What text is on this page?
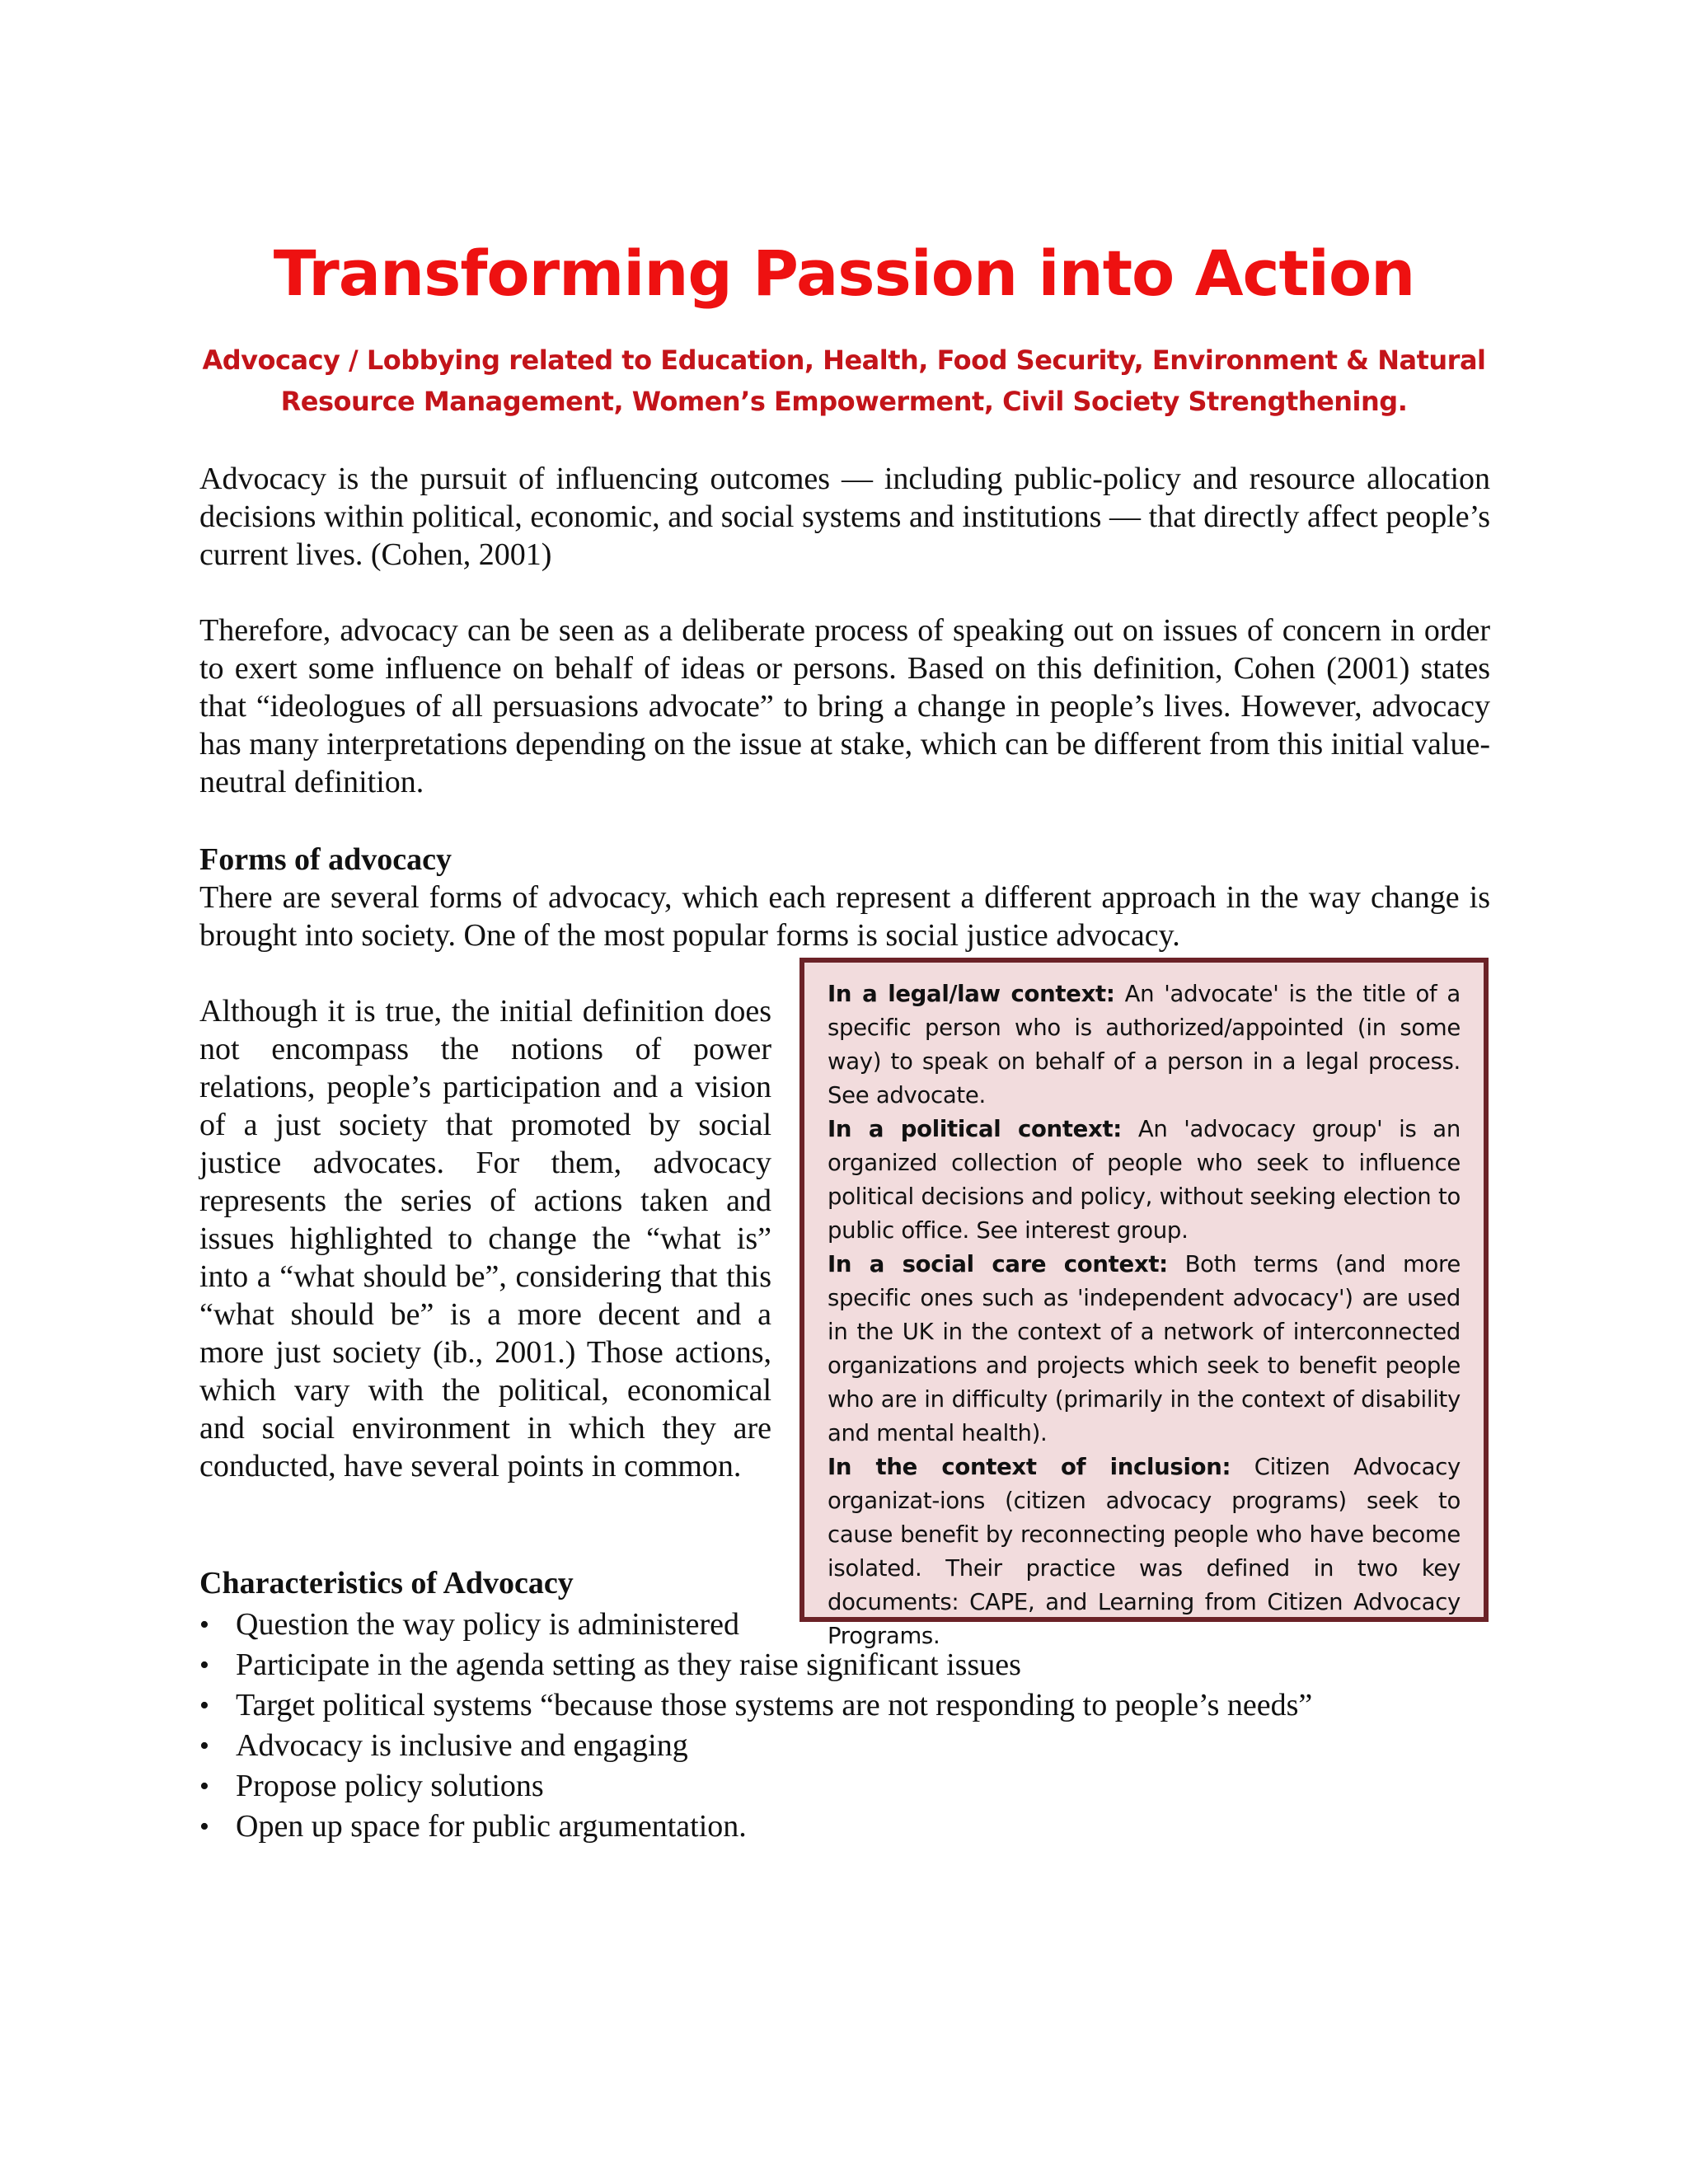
Transforming Passion into Action
Advocacy / Lobbying related to Education, Health, Food Security, Environment & Natural
Resource Management, Women’s Empowerment, Civil Society Strengthening.

Advocacy is the pursuit of influencing outcomes — including public-policy and resource allocation decisions within political, economic, and social systems and institutions — that directly affect people’s current lives. (Cohen, 2001)

Therefore, advocacy can be seen as a deliberate process of speaking out on issues of concern in order to exert some influence on behalf of ideas or persons. Based on this definition, Cohen (2001) states that “ideologues of all persuasions advocate” to bring a change in people’s lives. However, advocacy has many interpretations depending on the issue at stake, which can be different from this initial value-neutral definition.

Forms of advocacy

There are several forms of advocacy, which each represent a different approach in the way change is brought into society. One of the most popular forms is social justice advocacy.

Although it is true, the initial definition does not encompass the notions of power relations, people’s participation and a vision of a just society that promoted by social justice advocates. For them, advocacy represents the series of actions taken and issues highlighted to change the “what is” into a “what should be”, considering that this “what should be” is a more decent and a more just society (ib., 2001.) Those actions, which vary with the political, economical and social environment in which they are conducted, have several points in common.

In a legal/law context: An 'advocate' is the title of a specific person who is authorized/appointed (in some way) to speak on behalf of a person in a legal process. See advocate.

In a political context: An 'advocacy group' is an organized collection of people who seek to influence political decisions and policy, without seeking election to public office. See interest group.

In a social care context: Both terms (and more specific ones such as 'independent advocacy') are used in the UK in the context of a network of interconnected organizations and projects which seek to benefit people who are in difficulty (primarily in the context of disability and mental health).

In the context of inclusion: Citizen Advocacy organizat-ions (citizen advocacy programs) seek to cause benefit by reconnecting people who have become isolated. Their practice was defined in two key documents: CAPE, and Learning from Citizen Advocacy Programs.

Characteristics of Advocacy
• Question the way policy is administered
• Participate in the agenda setting as they raise significant issues
• Target political systems “because those systems are not responding to people’s needs”
• Advocacy is inclusive and engaging
• Propose policy solutions
• Open up space for public argumentation.
